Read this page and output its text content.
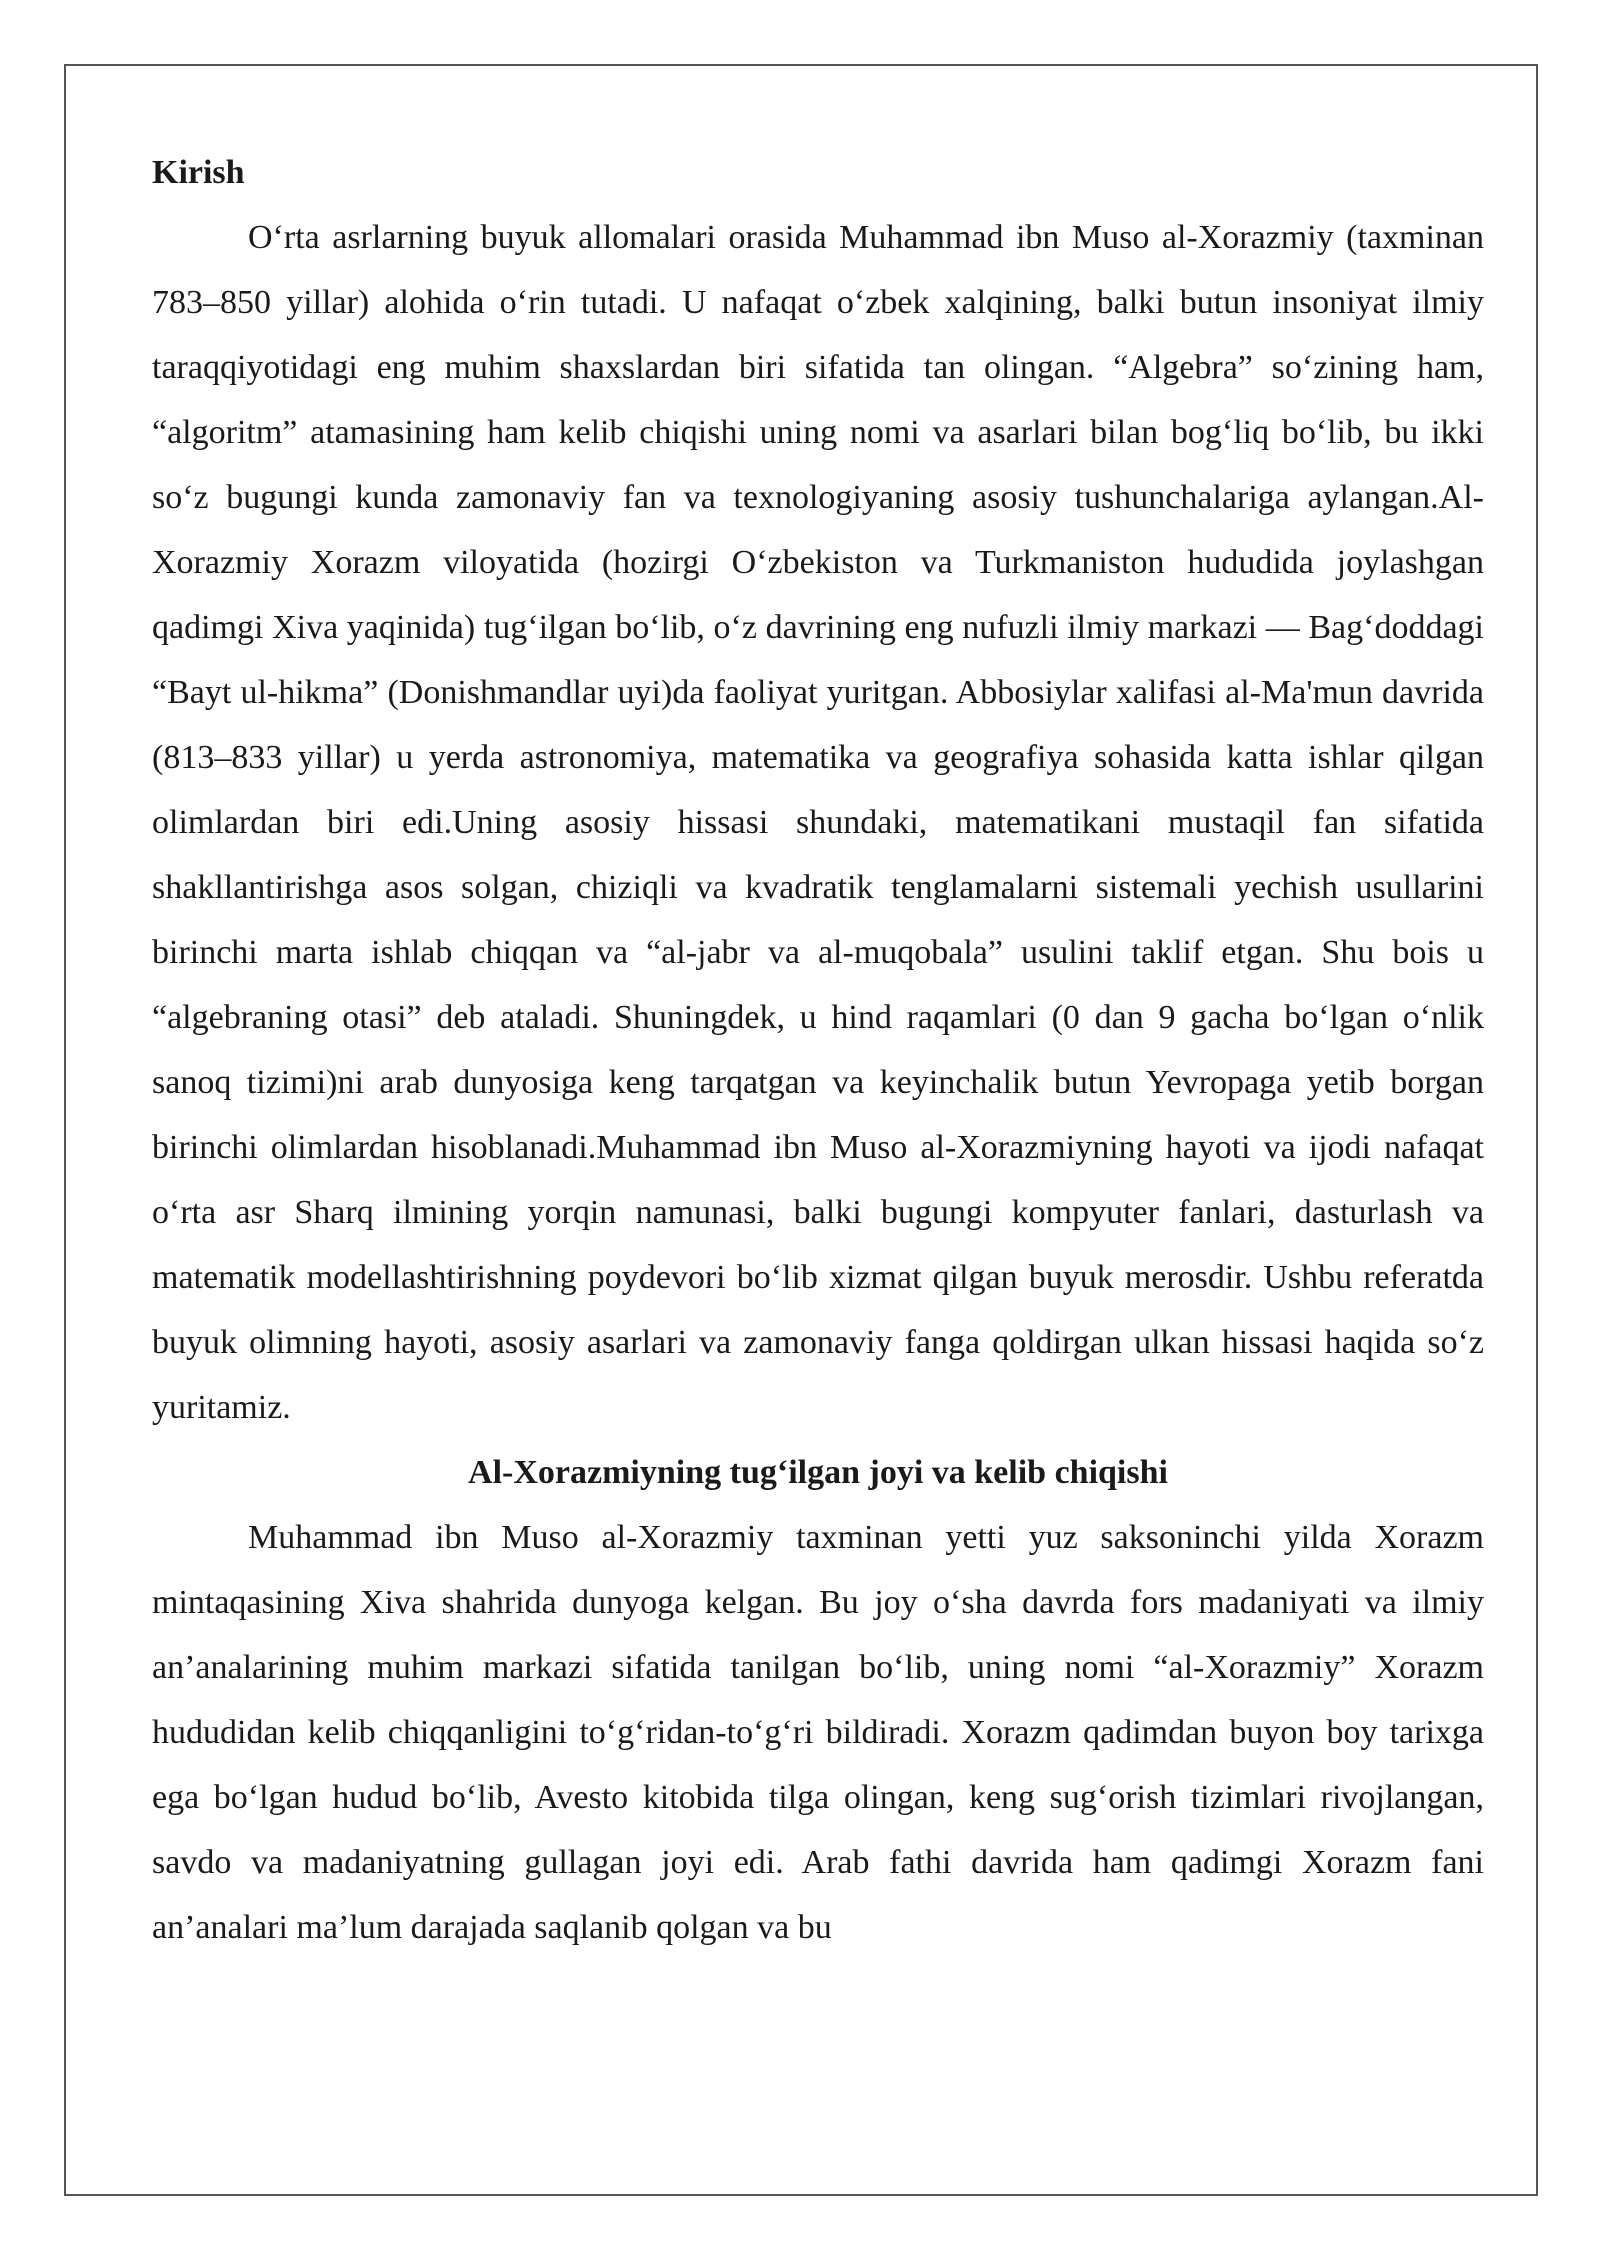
Kirish

O‘rta asrlarning buyuk allomalari orasida Muhammad ibn Muso al-Xorazmiy (taxminan 783–850 yillar) alohida o‘rin tutadi. U nafaqat o‘zbek xalqining, balki butun insoniyat ilmiy taraqqiyotidagi eng muhim shaxslardan biri sifatida tan olingan. “Algebra” so‘zining ham, “algoritm” atamasining ham kelib chiqishi uning nomi va asarlari bilan bog‘liq bo‘lib, bu ikki so‘z bugungi kunda zamonaviy fan va texnologiyaning asosiy tushunchalariga aylangan.Al-Xorazmiy Xorazm viloyatida (hozirgi O‘zbekiston va Turkmaniston hududida joylashgan qadimgi Xiva yaqinida) tug‘ilgan bo‘lib, o‘z davrining eng nufuzli ilmiy markazi — Bag‘doddagi “Bayt ul-hikma” (Donishmandlar uyi)da faoliyat yuritgan. Abbosiylar xalifasi al-Ma'mun davrida (813–833 yillar) u yerda astronomiya, matematika va geografiya sohasida katta ishlar qilgan olimlardan biri edi.Uning asosiy hissasi shundaki, matematikani mustaqil fan sifatida shakllantirishga asos solgan, chiziqli va kvadratik tenglamalarni sistemali yechish usullarini birinchi marta ishlab chiqqan va “al-jabr va al-muqobala” usulini taklif etgan. Shu bois u “algebraning otasi” deb ataladi. Shuningdek, u hind raqamlari (0 dan 9 gacha bo‘lgan o‘nlik sanoq tizimi)ni arab dunyosiga keng tarqatgan va keyinchalik butun Yevropaga yetib borgan birinchi olimlardan hisoblanadi.Muhammad ibn Muso al-Xorazmiyning hayoti va ijodi nafaqat o‘rta asr Sharq ilmining yorqin namunasi, balki bugungi kompyuter fanlari, dasturlash va matematik modellashtirishning poydevori bo‘lib xizmat qilgan buyuk merosdir. Ushbu referatda buyuk olimning hayoti, asosiy asarlari va zamonaviy fanga qoldirgan ulkan hissasi haqida so‘z yuritamiz.

Al-Xorazmiyning tug‘ilgan joyi va kelib chiqishi

Muhammad ibn Muso al-Xorazmiy taxminan yetti yuz saksoninchi yilda Xorazm mintaqasining Xiva shahrida dunyoga kelgan. Bu joy o‘sha davrda fors madaniyati va ilmiy an’analarining muhim markazi sifatida tanilgan bo‘lib, uning nomi “al-Xorazmiy” Xorazm hududidan kelib chiqqanligini to‘g‘ridan-to‘g‘ri bildiradi. Xorazm qadimdan buyon boy tarixga ega bo‘lgan hudud bo‘lib, Avesto kitobida tilga olingan, keng sug‘orish tizimlari rivojlangan, savdo va madaniyatning gullagan joyi edi. Arab fathi davrida ham qadimgi Xorazm fani an’analari ma’lum darajada saqlanib qolgan va bu
